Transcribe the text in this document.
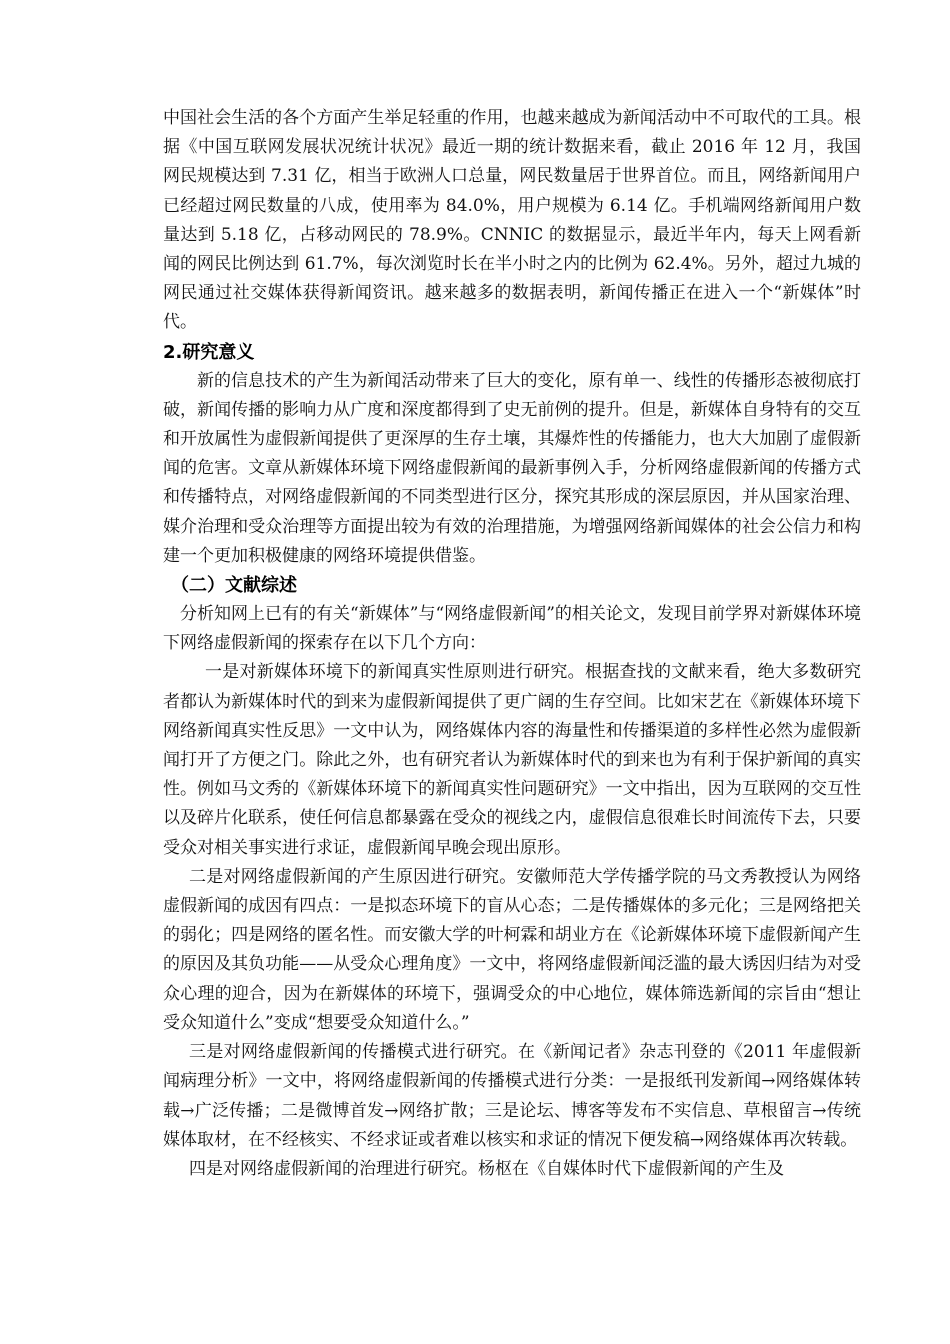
中国社会生活的各个方面产生举足轻重的作用，也越来越成为新闻活动中不可取代的工具。根据《中国互联网发展状况统计状况》最近一期的统计数据来看，截止 2016 年 12 月，我国网民规模达到 7.31 亿，相当于欧洲人口总量，网民数量居于世界首位。而且，网络新闻用户已经超过网民数量的八成，使用率为 84.0%，用户规模为 6.14 亿。手机端网络新闻用户数量达到 5.18 亿，占移动网民的 78.9%。CNNIC 的数据显示，最近半年内，每天上网看新闻的网民比例达到 61.7%，每次浏览时长在半小时之内的比例为 62.4%。另外，超过九城的网民通过社交媒体获得新闻资讯。越来越多的数据表明，新闻传播正在进入一个“新媒体”时代。

2.研究意义

新的信息技术的产生为新闻活动带来了巨大的变化，原有单一、线性的传播形态被彻底打破，新闻传播的影响力从广度和深度都得到了史无前例的提升。但是，新媒体自身特有的交互和开放属性为虚假新闻提供了更深厚的生存土壤，其爆炸性的传播能力，也大大加剧了虚假新闻的危害。文章从新媒体环境下网络虚假新闻的最新事例入手，分析网络虚假新闻的传播方式和传播特点，对网络虚假新闻的不同类型进行区分，探究其形成的深层原因，并从国家治理、媒介治理和受众治理等方面提出较为有效的治理措施，为增强网络新闻媒体的社会公信力和构建一个更加积极健康的网络环境提供借鉴。

（二）文献综述

分析知网上已有的有关“新媒体”与“网络虚假新闻”的相关论文，发现目前学界对新媒体环境下网络虚假新闻的探索存在以下几个方向：

一是对新媒体环境下的新闻真实性原则进行研究。根据查找的文献来看，绝大多数研究者都认为新媒体时代的到来为虚假新闻提供了更广阔的生存空间。比如宋艺在《新媒体环境下网络新闻真实性反思》一文中认为，网络媒体内容的海量性和传播渠道的多样性必然为虚假新闻打开了方便之门。除此之外，也有研究者认为新媒体时代的到来也为有利于保护新闻的真实性。例如马文秀的《新媒体环境下的新闻真实性问题研究》一文中指出，因为互联网的交互性以及碎片化联系，使任何信息都暴露在受众的视线之内，虚假信息很难长时间流传下去，只要受众对相关事实进行求证，虚假新闻早晚会现出原形。

二是对网络虚假新闻的产生原因进行研究。安徽师范大学传播学院的马文秀教授认为网络虚假新闻的成因有四点：一是拟态环境下的盲从心态；二是传播媒体的多元化；三是网络把关的弱化；四是网络的匿名性。而安徽大学的叶柯霖和胡业方在《论新媒体环境下虚假新闻产生的原因及其负功能——从受众心理角度》一文中，将网络虚假新闻泛滥的最大诱因归结为对受众心理的迎合，因为在新媒体的环境下，强调受众的中心地位，媒体筛选新闻的宗旨由“想让受众知道什么”变成“想要受众知道什么。”

三是对网络虚假新闻的传播模式进行研究。在《新闻记者》杂志刊登的《2011 年虚假新闻病理分析》一文中，将网络虚假新闻的传播模式进行分类：一是报纸刊发新闻→网络媒体转载→广泛传播；二是微博首发→网络扩散；三是论坛、博客等发布不实信息、草根留言→传统媒体取材，在不经核实、不经求证或者难以核实和求证的情况下便发稿→网络媒体再次转载。

四是对网络虚假新闻的治理进行研究。杨枢在《自媒体时代下虚假新闻的产生及
